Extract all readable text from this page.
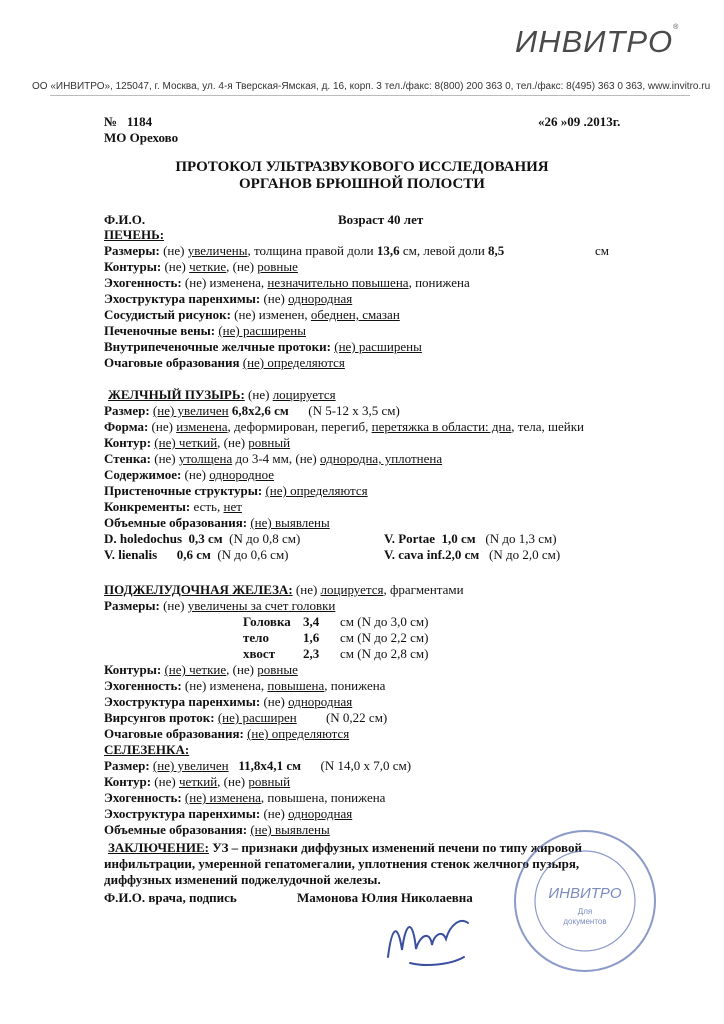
ИНВИТРО®
ОО «ИНВИТРО», 125047, г. Москва, ул. 4-я Тверская-Ямская, д. 16, корп. 3 тел./факс: 8(800) 200 363 0, тел./факс: 8(495) 363 0 363, www.invitro.ru
№ 1184
МО Орехово
«26 »09 .2013г.
ПРОТОКОЛ УЛЬТРАЗВУКОВОГО ИССЛЕДОВАНИЯ
ОРГАНОВ БРЮШНОЙ ПОЛОСТИ
Ф.И.О.	Возраст 40 лет
ПЕЧЕНЬ:
Размеры: (не) увеличены, толщина правой доли 13,6 см, левой доли 8,5	см
Контуры: (не) четкие, (не) ровные
Эхогенность: (не) изменена, незначительно повышена, понижена
Эхоструктура паренхимы: (не) однородная
Сосудистый рисунок: (не) изменен, обеднен, смазан
Печеночные вены: (не) расширены
Внутрипеченочные желчные протоки: (не) расширены
Очаговые образования (не) определяются
ЖЕЛЧНЫЙ ПУЗЫРЬ: (не) лоцируется
Размер: (не) увеличен 6,8x2,6 см (N 5-12 x 3,5 см)
Форма: (не) изменена, деформирован, перегиб, перетяжка в области: дна, тела, шейки
Контур: (не) четкий, (не) ровный
Стенка: (не) утолщена до 3-4 мм, (не) однородна, уплотнена
Содержимое: (не) однородное
Пристеночные структуры: (не) определяются
Конкременты: есть, нет
Объемные образования: (не) выявлены
D. holedochus 0,3 см (N до 0,8 см)	V. Portae 1,0 см (N до 1,3 см)
V. lienalis 0,6 см (N до 0,6 см)	V. cava inf.2,0 см (N до 2,0 см)
ПОДЖЕЛУДОЧНАЯ ЖЕЛЕЗА: (не) лоцируется, фрагментами
Размеры: (не) увеличены за счет головки
Головка 3,4 см (N до 3,0 см)
тело	1,6 см (N до 2,2 см)
хвост 2,3 см (N до 2,8 см)
Контуры: (не) четкие, (не) ровные
Эхогенность: (не) изменена, повышена, понижена
Эхоструктура паренхимы: (не) однородная
Вирсунгов проток: (не) расширен (N 0,22 см)
Очаговые образования: (не) определяются
СЕЛЕЗЕНКА:
Размер: (не) увеличен 11,8x4,1 см (N 14,0 x 7,0 см)
Контур: (не) четкий, (не) ровный
Эхогенность: (не) изменена, повышена, понижена
Эхоструктура паренхимы: (не) однородная
Объемные образования: (не) выявлены
ЗАКЛЮЧЕНИЕ: УЗ – признаки диффузных изменений печени по типу жировой
инфильтрации, умеренной гепатомегалии, уплотнения стенок желчного пузыря,
диффузных изменений поджелудочной железы.
Ф.И.О. врача, подпись	Мамонова Юлия Николаевна	ИНВИТРО
Для
документов
